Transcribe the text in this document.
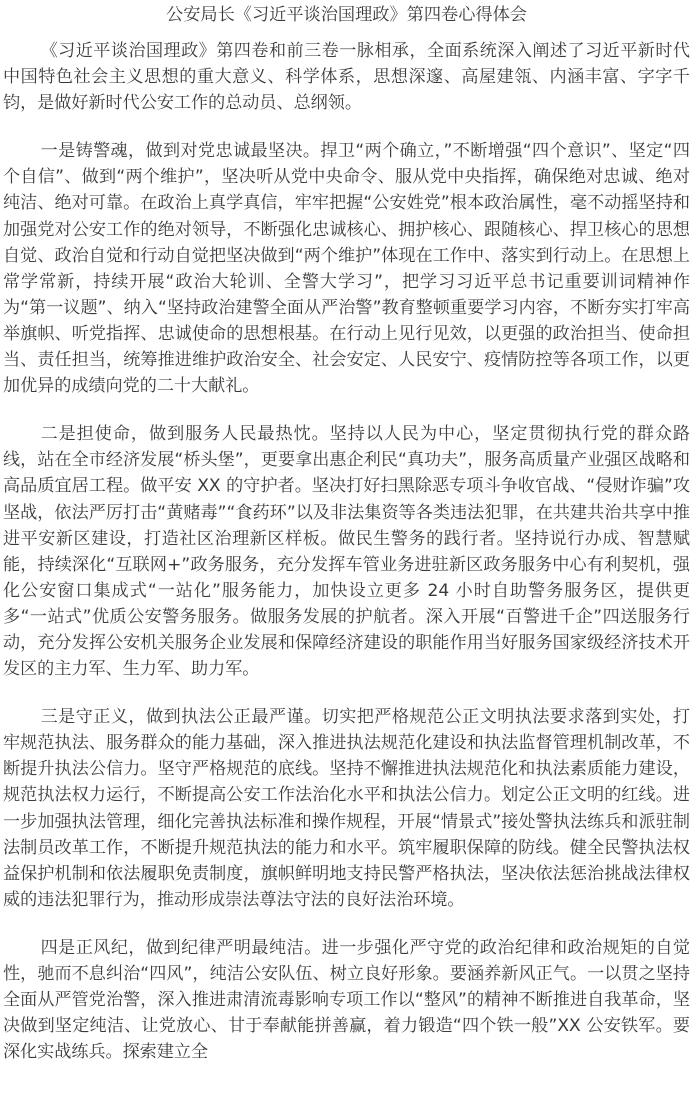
公安局长《习近平谈治国理政》第四卷心得体会

《习近平谈治国理政》第四卷和前三卷一脉相承，全面系统深入阐述了习近平新时代中国特色社会主义思想的重大意义、科学体系，思想深邃、高屋建瓴、内涵丰富、字字千钧，是做好新时代公安工作的总动员、总纲领。

一是铸警魂，做到对党忠诚最坚决。捍卫“两个确立，”不断增强“四个意识”、坚定“四个自信”、做到“两个维护”，坚决听从党中央命令、服从党中央指挥，确保绝对忠诚、绝对纯洁、绝对可靠。在政治上真学真信，牢牢把握“公安姓党”根本政治属性，毫不动摇坚持和加强党对公安工作的绝对领导，不断强化忠诚核心、拥护核心、跟随核心、捍卫核心的思想自觉、政治自觉和行动自觉把坚决做到“两个维护”体现在工作中、落实到行动上。在思想上常学常新，持续开展“政治大轮训、全警大学习”，把学习习近平总书记重要训词精神作为“第一议题”、纳入“坚持政治建警全面从严治警”教育整顿重要学习内容，不断夯实打牢高举旗帜、听党指挥、忠诚使命的思想根基。在行动上见行见效，以更强的政治担当、使命担当、责任担当，统筹推进维护政治安全、社会安定、人民安宁、疫情防控等各项工作，以更加优异的成绩向党的二十大献礼。

二是担使命，做到服务人民最热忱。坚持以人民为中心，坚定贯彻执行党的群众路线，站在全市经济发展“桥头堡”，更要拿出惠企利民“真功夫”，服务高质量产业强区战略和高品质宜居工程。做平安 XX 的守护者。坚决打好扫黑除恶专项斗争收官战、“侵财诈骗”攻坚战，依法严厉打击“黄赌毒”“食药环”以及非法集资等各类违法犯罪，在共建共治共享中推进平安新区建设，打造社区治理新区样板。做民生警务的践行者。坚持说行办成、智慧赋能，持续深化“互联网+”政务服务，充分发挥车管业务进驻新区政务服务中心有利契机，强化公安窗口集成式“一站化”服务能力，加快设立更多 24 小时自助警务服务区，提供更多“一站式”优质公安警务服务。做服务发展的护航者。深入开展“百警进千企”四送服务行动，充分发挥公安机关服务企业发展和保障经济建设的职能作用当好服务国家级经济技术开发区的主力军、生力军、助力军。

三是守正义，做到执法公正最严谨。切实把严格规范公正文明执法要求落到实处，打牢规范执法、服务群众的能力基础，深入推进执法规范化建设和执法监督管理机制改革，不断提升执法公信力。坚守严格规范的底线。坚持不懈推进执法规范化和执法素质能力建设，规范执法权力运行，不断提高公安工作法治化水平和执法公信力。划定公正文明的红线。进一步加强执法管理，细化完善执法标准和操作规程，开展“情景式”接处警执法练兵和派驻制法制员改革工作，不断提升规范执法的能力和水平。筑牢履职保障的防线。健全民警执法权益保护机制和依法履职免责制度，旗帜鲜明地支持民警严格执法，坚决依法惩治挑战法律权威的违法犯罪行为，推动形成崇法尊法守法的良好法治环境。

四是正风纪，做到纪律严明最纯洁。进一步强化严守党的政治纪律和政治规矩的自觉性，驰而不息纠治“四风”，纯洁公安队伍、树立良好形象。要涵养新风正气。一以贯之坚持全面从严管党治警，深入推进肃清流毒影响专项工作以“整风”的精神不断推进自我革命，坚决做到坚定纯洁、让党放心、甘于奉献能拼善赢，着力锻造“四个铁一般”XX 公安铁军。要深化实战练兵。探索建立全
